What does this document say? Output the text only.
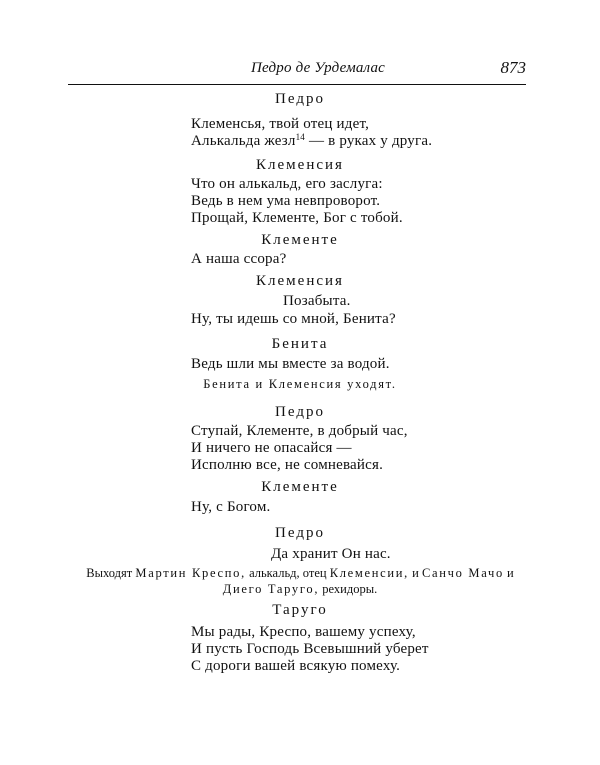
Педро де Урдемалас	873
Педро
Клеменсья, твой отец идет,
Алькальда жезл$^{14}$ — в руках у друга.
Клеменсия
Что он алькальд, его заслуга:
Ведь в нем ума невпроворот.
Прощай, Клементе, Бог с тобой.
Клементе
А наша ссора?
Клеменсия
Позабыта.
Ну, ты идешь со мной, Бенита?
Бенита
Ведь шли мы вместе за водой.
Бенита и Клеменсия уходят.
Педро
Ступай, Клементе, в добрый час,
И ничего не опасайся —
Исполню все, не сомневайся.
Клементе
Ну, с Богом.
Педро
Да хранит Он нас.
Выходят Мартин Креспо, алькальд, отец Клеменсии, и Санчо Мачо и
Диего Таруго, рехидоры.
Таруго
Мы рады, Креспо, вашему успеху,
И пусть Господь Всевышний уберет
С дороги вашей всякую помеху.
